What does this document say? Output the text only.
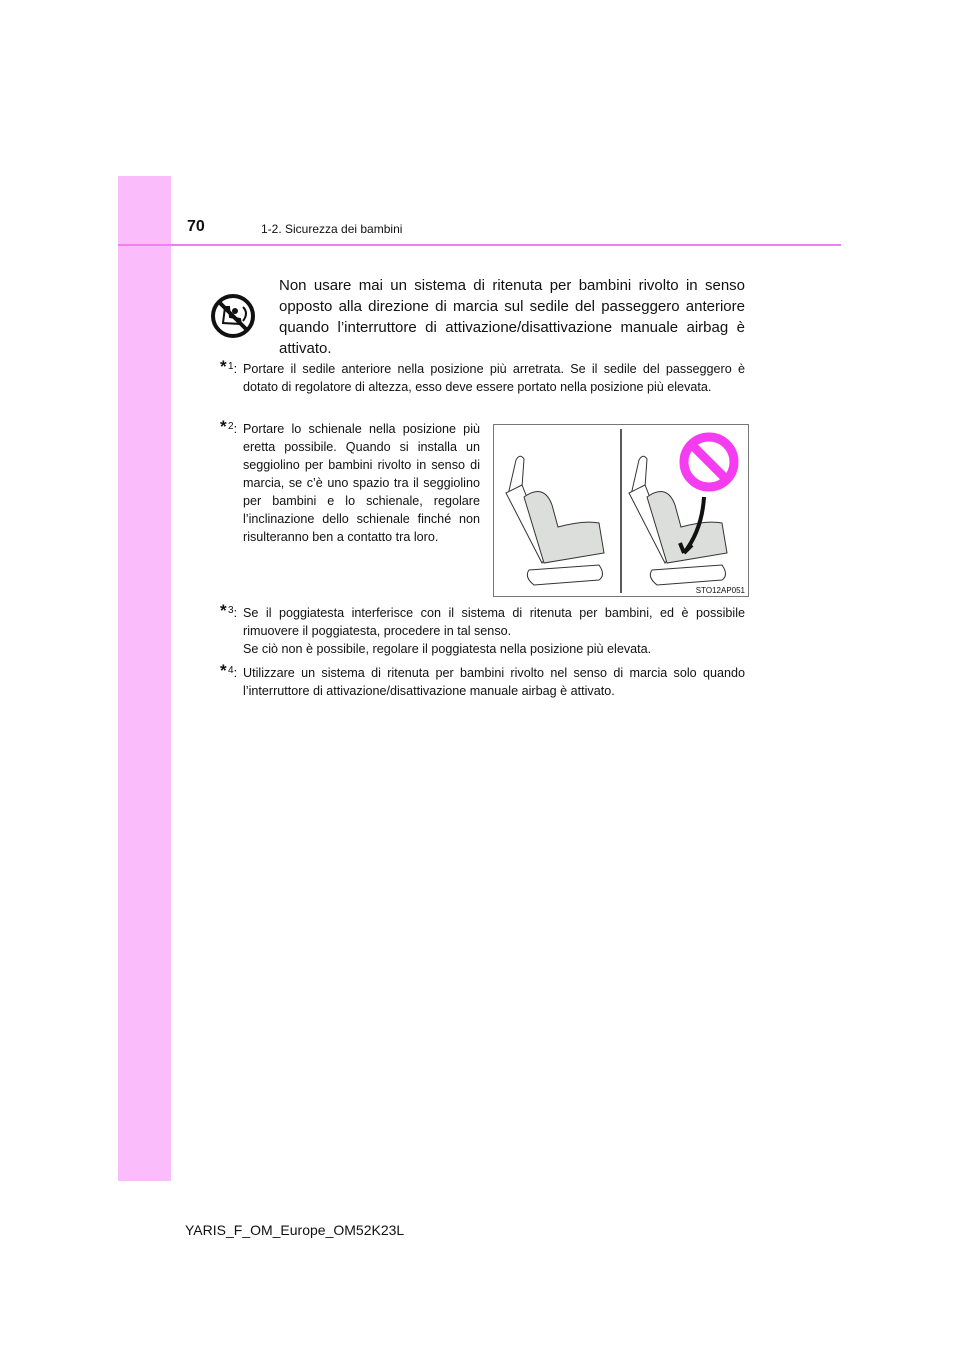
70	1-2. Sicurezza dei bambini
Non usare mai un sistema di ritenuta per bambini rivolto in senso opposto alla direzione di marcia sul sedile del passeggero anteriore quando l’interruttore di attivazione/disattivazione manuale airbag è attivato.
* $^1$: Portare il sedile anteriore nella posizione più arretrata. Se il sedile del passeggero è dotato di regolatore di altezza, esso deve essere portato nella posizione più elevata.
* $^2$: Portare lo schienale nella posizione più eretta possibile. Quando si installa un seggiolino per bambini rivolto in senso di marcia, se c’è uno spazio tra il seggiolino per bambini e lo schienale, regolare l’inclinazione dello schienale finché non risulteranno ben a contatto tra loro.
STO12AP051
* $^3$: Se il poggiatesta interferisce con il sistema di ritenuta per bambini, ed è possibile rimuovere il poggiatesta, procedere in tal senso.
Se ciò non è possibile, regolare il poggiatesta nella posizione più elevata.
* $^4$: Utilizzare un sistema di ritenuta per bambini rivolto nel senso di marcia solo quando l’interruttore di attivazione/disattivazione manuale airbag è attivato.
YARIS_F_OM_Europe_OM52K23L
